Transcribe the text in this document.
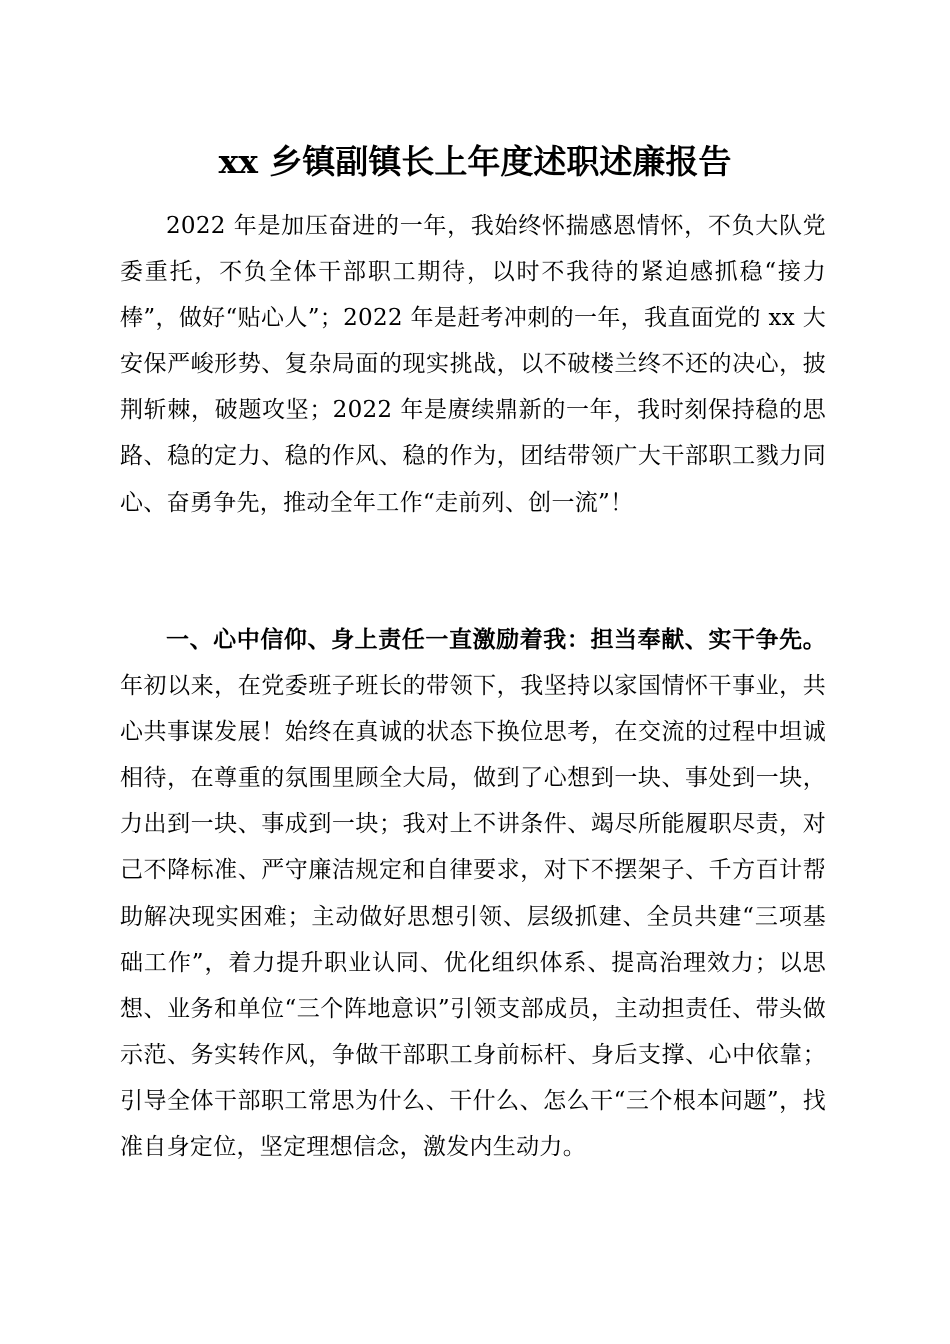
xx 乡镇副镇长上年度述职述廉报告

2022 年是加压奋进的一年，我始终怀揣感恩情怀，不负大队党委重托，不负全体干部职工期待，以时不我待的紧迫感抓稳“接力棒”，做好“贴心人”；2022 年是赶考冲刺的一年，我直面党的 xx 大安保严峻形势、复杂局面的现实挑战，以不破楼兰终不还的决心，披荆斩棘，破题攻坚；2022 年是赓续鼎新的一年，我时刻保持稳的思路、稳的定力、稳的作风、稳的作为，团结带领广大干部职工戮力同心、奋勇争先，推动全年工作“走前列、创一流”！

一、心中信仰、身上责任一直激励着我：担当奉献、实干争先。年初以来，在党委班子班长的带领下，我坚持以家国情怀干事业，共心共事谋发展！始终在真诚的状态下换位思考，在交流的过程中坦诚相待，在尊重的氛围里顾全大局，做到了心想到一块、事处到一块，力出到一块、事成到一块；我对上不讲条件、竭尽所能履职尽责，对己不降标准、严守廉洁规定和自律要求，对下不摆架子、千方百计帮助解决现实困难；主动做好思想引领、层级抓建、全员共建“三项基础工作”，着力提升职业认同、优化组织体系、提高治理效力；以思想、业务和单位“三个阵地意识”引领支部成员，主动担责任、带头做示范、务实转作风，争做干部职工身前标杆、身后支撑、心中依靠；引导全体干部职工常思为什么、干什么、怎么干“三个根本问题”，找准自身定位，坚定理想信念，激发内生动力。
